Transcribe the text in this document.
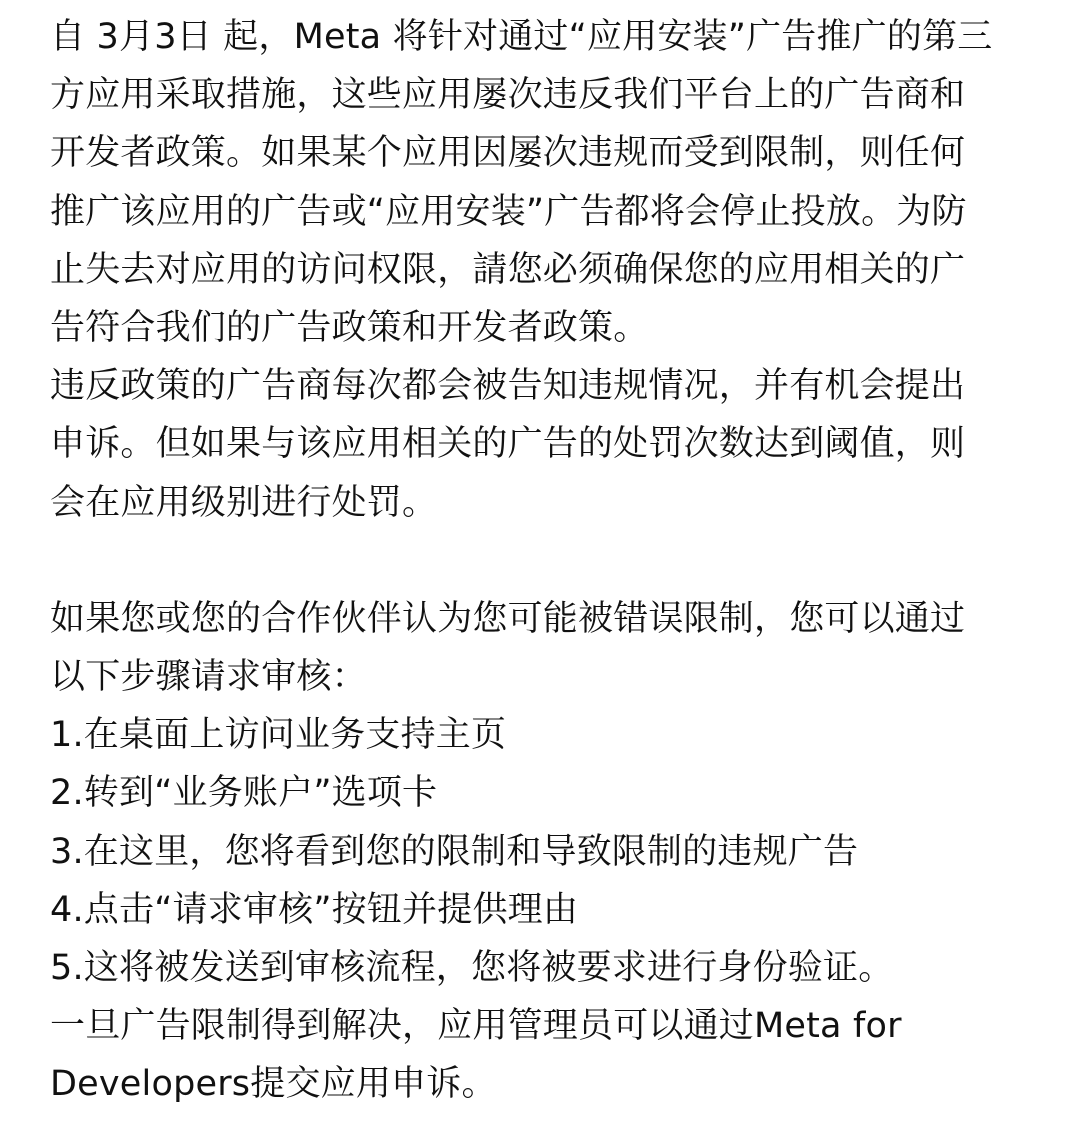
自 3月3日 起，Meta 将针对通过“应用安装”广告推广的第三
方应用采取措施，这些应用屡次违反我们平台上的广告商和
开发者政策。如果某个应用因屡次违规而受到限制，则任何
推广该应用的广告或“应用安装”广告都将会停止投放。为防
止失去对应用的访问权限，請您必须确保您的应用相关的广
告符合我们的广告政策和开发者政策。
违反政策的广告商每次都会被告知违规情况，并有机会提出
申诉。但如果与该应用相关的广告的处罚次数达到阈值，则
会在应用级别进行处罚。
如果您或您的合作伙伴认为您可能被错误限制，您可以通过
以下步骤请求审核：
1.在桌面上访问业务支持主页
2.转到“业务账户”选项卡
3.在这里，您将看到您的限制和导致限制的违规广告
4.点击“请求审核”按钮并提供理由
5.这将被发送到审核流程，您将被要求进行身份验证。
一旦广告限制得到解决，应用管理员可以通过Meta for
Developers提交应用申诉。
